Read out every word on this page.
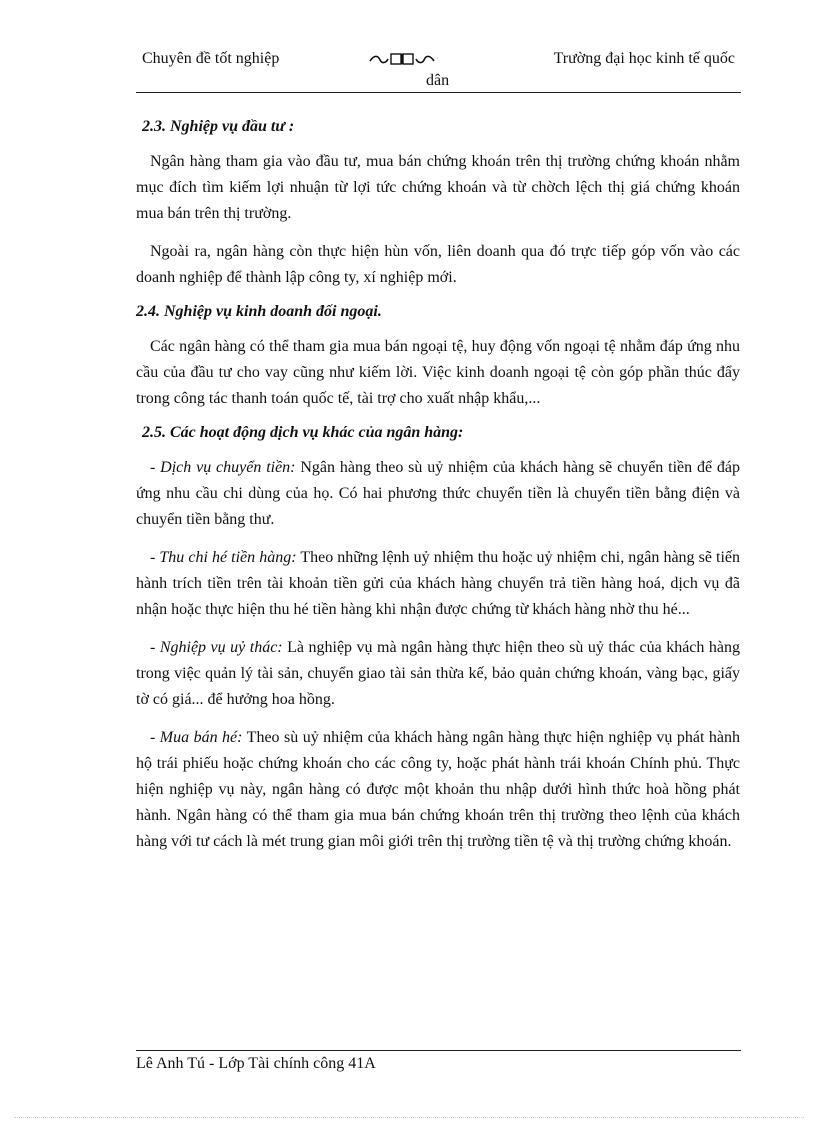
Chuyên đề tốt nghiệp	Trường đại học kinh tế quốc
dân
2.3. Nghiệp vụ đầu tư :

Ngân hàng tham gia vào đầu tư, mua bán chứng khoán trên thị trường chứng khoán nhằm mục đích tìm kiếm lợi nhuận từ lợi tức chứng khoán và từ chờch lệch thị giá chứng khoán mua bán trên thị trường.

Ngoài ra, ngân hàng còn thực hiện hùn vốn, liên doanh qua đó trực tiếp góp vốn vào các doanh nghiệp để thành lập công ty, xí nghiệp mới.

2.4. Nghiệp vụ kinh doanh đối ngoại.

Các ngân hàng có thể tham gia mua bán ngoại tệ, huy động vốn ngoại tệ nhằm đáp ứng nhu cầu của đầu tư cho vay cũng như kiếm lời. Việc kinh doanh ngoại tệ còn góp phần thúc đẩy trong công tác thanh toán quốc tế, tài trợ cho xuất nhập khẩu,...

2.5. Các hoạt động dịch vụ khác của ngân hàng:

- Dịch vụ chuyển tiền: Ngân hàng theo sù uỷ nhiệm của khách hàng sẽ chuyển tiền để đáp ứng nhu cầu chi dùng của họ. Có hai phương thức chuyển tiền là chuyển tiền bằng điện và chuyển tiền bằng thư.

- Thu chi hé tiền hàng: Theo những lệnh uỷ nhiệm thu hoặc uỷ nhiệm chi, ngân hàng sẽ tiến hành trích tiền trên tài khoản tiền gửi của khách hàng chuyển trả tiền hàng hoá, dịch vụ đã nhận hoặc thực hiện thu hé tiền hàng khi nhận được chứng từ khách hàng nhờ thu hé...

- Nghiệp vụ uỷ thác: Là nghiệp vụ mà ngân hàng thực hiện theo sù uỷ thác của khách hàng trong việc quản lý tài sản, chuyển giao tài sản thừa kế, bảo quản chứng khoán, vàng bạc, giấy tờ có giá... để hưởng hoa hồng.

- Mua bán hé: Theo sù uỷ nhiệm của khách hàng ngân hàng thực hiện nghiệp vụ phát hành hộ trái phiếu hoặc chứng khoán cho các công ty, hoặc phát hành trái khoán Chính phủ. Thực hiện nghiệp vụ này, ngân hàng có được một khoản thu nhập dưới hình thức hoà hồng phát hành. Ngân hàng có thể tham gia mua bán chứng khoán trên thị trường theo lệnh của khách hàng với tư cách là mét trung gian môi giới trên thị trường tiền tệ và thị trường chứng khoán.

Lê Anh Tú - Lớp Tài chính công 41A
